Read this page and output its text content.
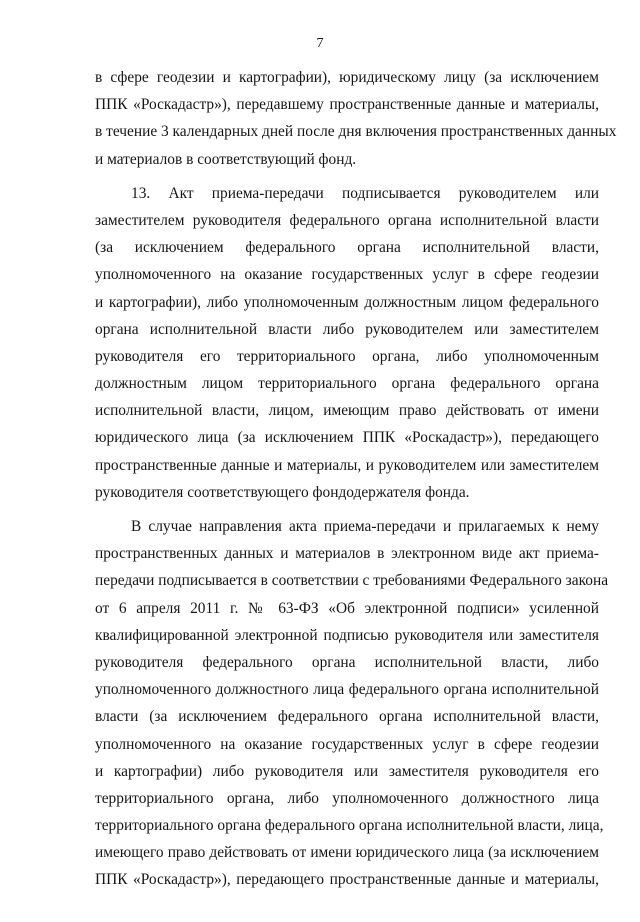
7
в сфере геодезии и картографии), юридическому лицу (за исключением
ППК «Роскадастр»), передавшему пространственные данные и материалы,
в течение 3 календарных дней после дня включения пространственных данных
и материалов в соответствующий фонд.
13. Акт приема-передачи подписывается руководителем или
заместителем руководителя федерального органа исполнительной власти
(за исключением федерального органа исполнительной власти,
уполномоченного на оказание государственных услуг в сфере геодезии
и картографии), либо уполномоченным должностным лицом федерального
органа исполнительной власти либо руководителем или заместителем
руководителя его территориального органа, либо уполномоченным
должностным лицом территориального органа федерального органа
исполнительной власти, лицом, имеющим право действовать от имени
юридического лица (за исключением ППК «Роскадастр»), передающего
пространственные данные и материалы, и руководителем или заместителем
руководителя соответствующего фондодержателя фонда.
В случае направления акта приема-передачи и прилагаемых к нему
пространственных данных и материалов в электронном виде акт приема-
передачи подписывается в соответствии с требованиями Федерального закона
от 6 апреля 2011 г. № 63-ФЗ «Об электронной подписи» усиленной
квалифицированной электронной подписью руководителя или заместителя
руководителя федерального органа исполнительной власти, либо
уполномоченного должностного лица федерального органа исполнительной
власти (за исключением федерального органа исполнительной власти,
уполномоченного на оказание государственных услуг в сфере геодезии
и картографии) либо руководителя или заместителя руководителя его
территориального органа, либо уполномоченного должностного лица
территориального органа федерального органа исполнительной власти, лица,
имеющего право действовать от имени юридического лица (за исключением
ППК «Роскадастр»), передающего пространственные данные и материалы,
